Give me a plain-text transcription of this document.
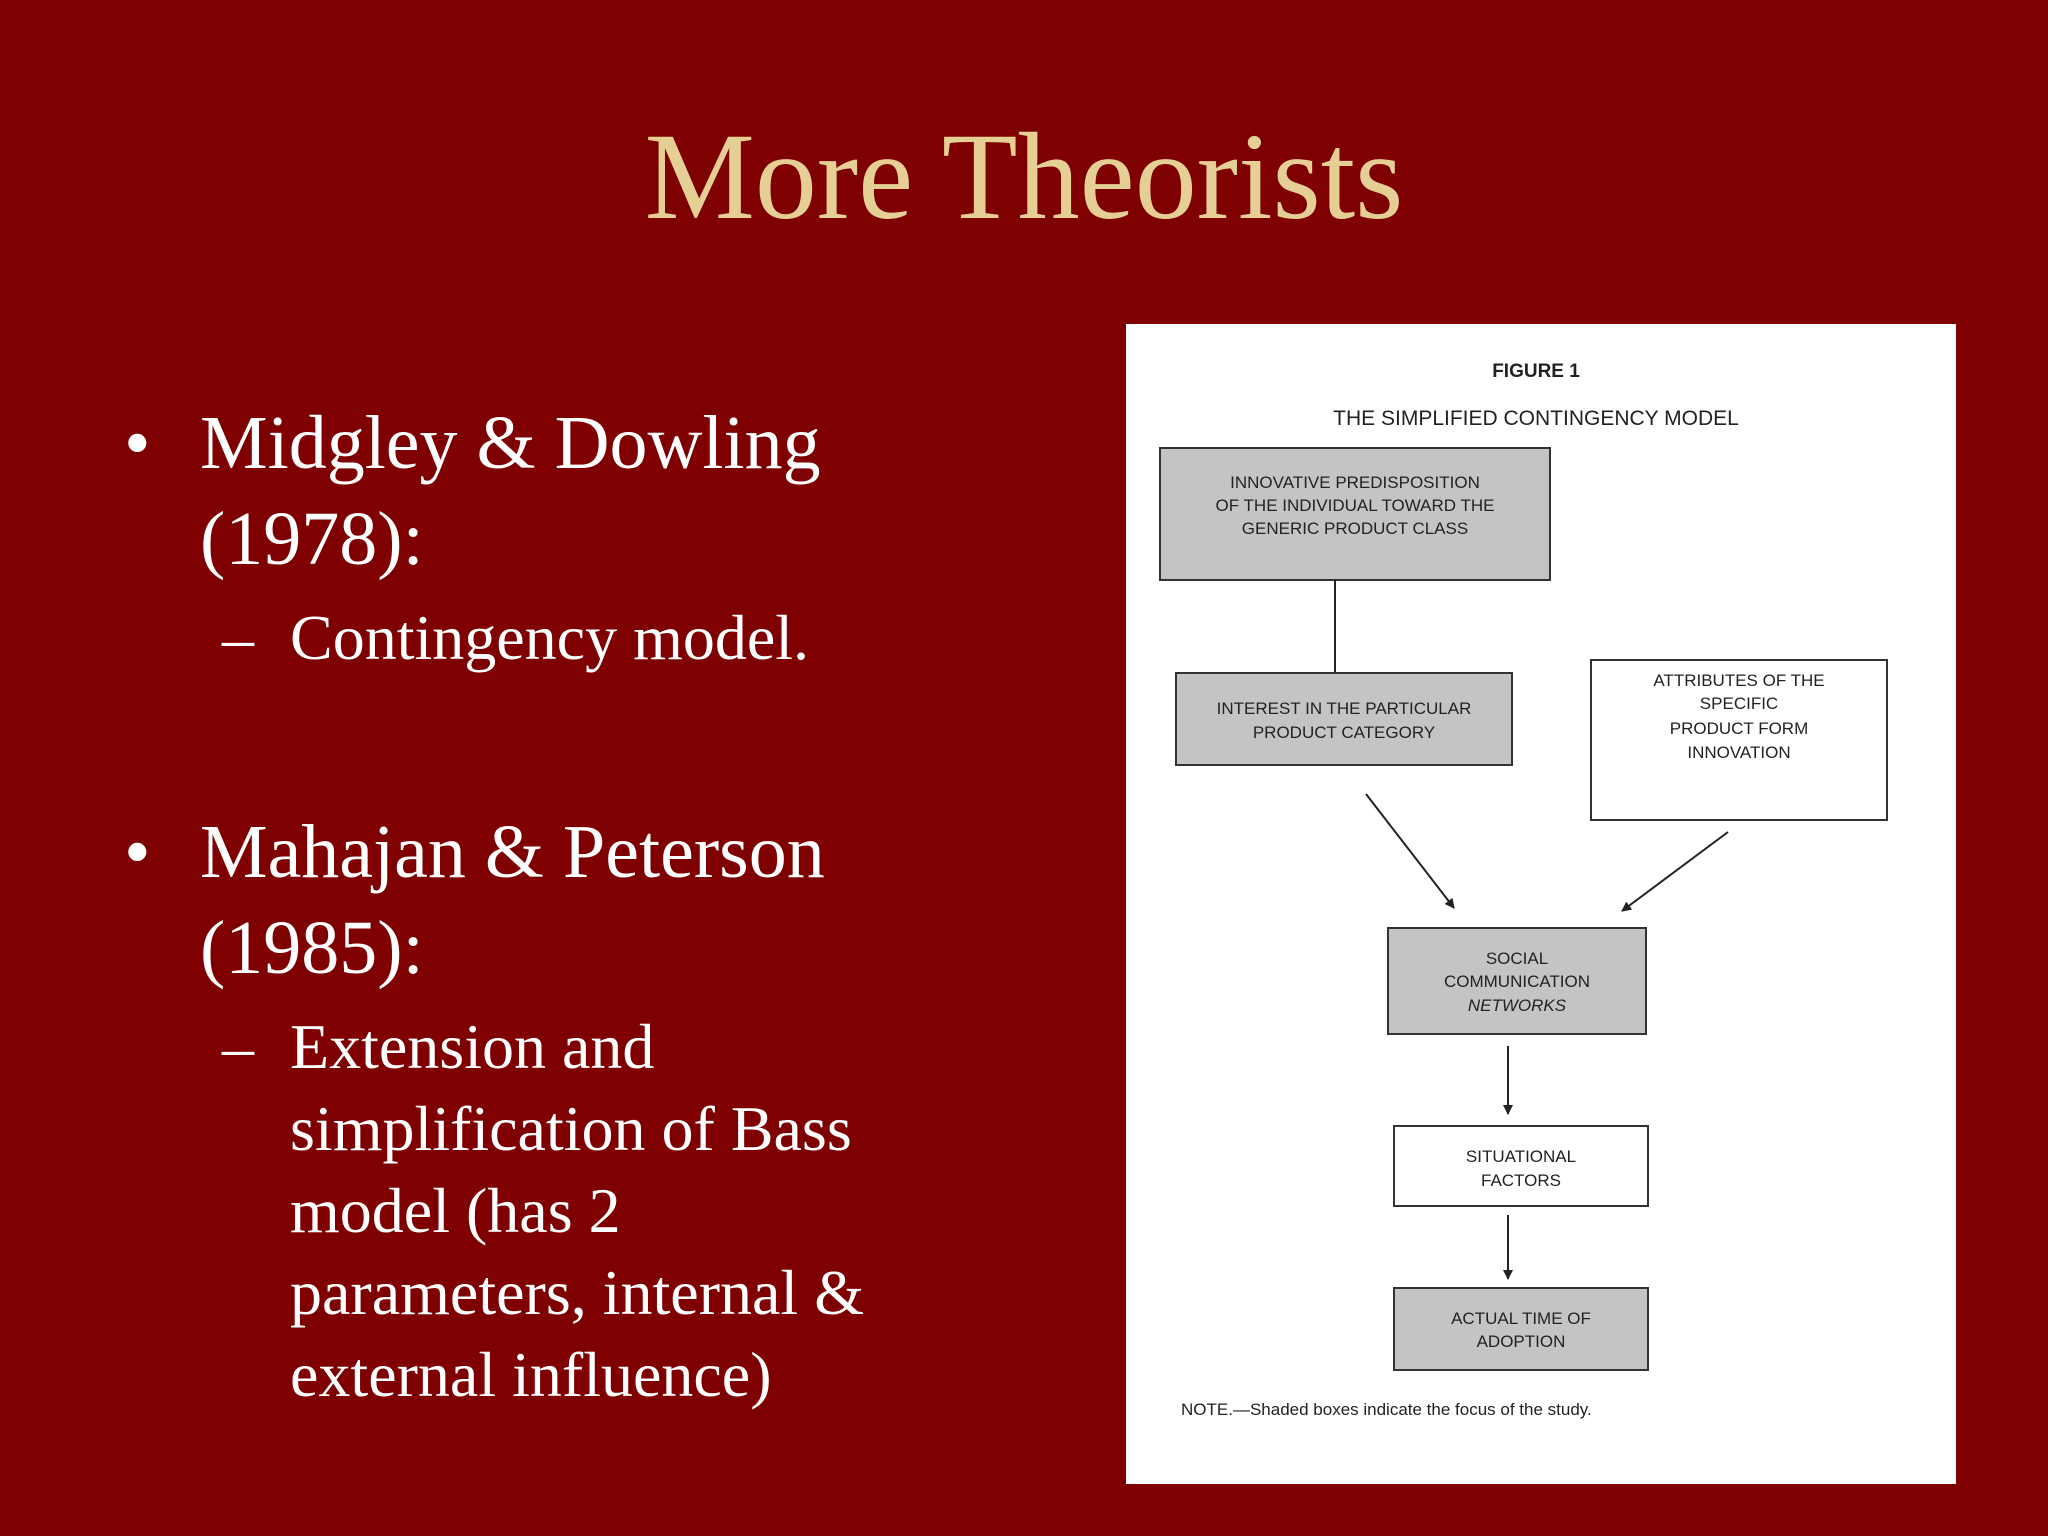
More Theorists
• Midgley & Dowling (1978):
– Contingency model.
• Mahajan & Peterson (1985):
– Extension and simplification of Bass model (has 2 parameters, internal & external influence)
FIGURE 1
THE SIMPLIFIED CONTINGENCY MODEL
INNOVATIVE PREDISPOSITION
OF THE INDIVIDUAL TOWARD THE
GENERIC PRODUCT CLASS
INTEREST IN THE PARTICULAR
PRODUCT CATEGORY
ATTRIBUTES OF THE
SPECIFIC
PRODUCT FORM
INNOVATION
SOCIAL
COMMUNICATION
NETWORKS
SITUATIONAL
FACTORS
ACTUAL TIME OF
ADOPTION
NOTE.—Shaded boxes indicate the focus of the study.
